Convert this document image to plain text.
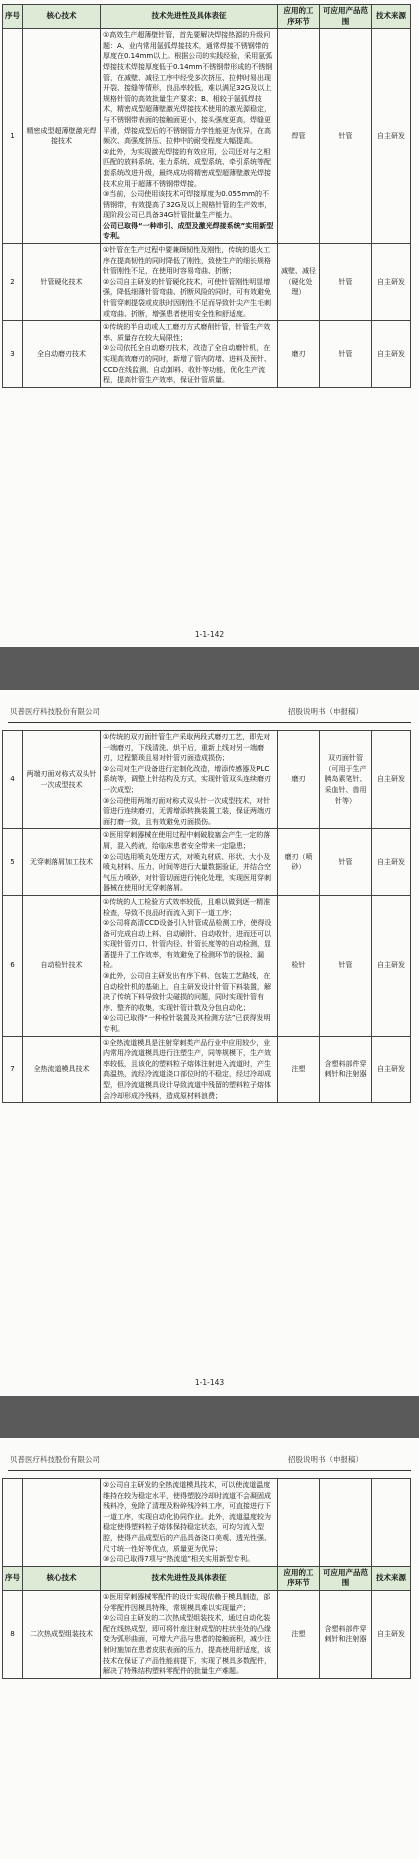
序号	核心技术	技术先进性及具体表征	应用的工序环节	可应用产品范围	技术来源
1	精密成型超薄壁激光焊接技术	①高效生产超薄壁针管，首先要解决焊接热源的升级问题：A、业内常用氩弧焊接技术，通常焊接不锈钢带的厚度在0.14mm以上。根据公司的实践经验，采用氩弧焊接技术焊接厚度低于0.14mm不锈钢带形成的不锈钢管，在减壁、减径工序中经受多次挤压、拉伸时易出现开裂、接缝等情形，良品率较低，难以满足32G及以上规格针管的高效批量生产要求；B、相较于氩弧焊技术，精密成型超薄壁激光焊接技术使用的激光源稳定，与不锈钢带表面的接触面更小，接头强度更高，焊缝更平滑，焊接成型后的不锈钢管力学性能更为优异，在高频次、高强度挤压、拉伸中的耐受程度大幅提高。
②此外，为实现激光焊接的有效应用，公司还对与之相匹配的放料系统、张力系统、成型系统、牵引系统等配套系统改进升级，最终成功将精密成型超薄壁激光焊接技术应用于超薄不锈钢带焊接。
③当前，公司使用该技术可焊接厚度为0.055mm的不锈钢带，有效提高了32G及以上规格针管的生产效率，现阶段公司已具备34G针管批量生产能力。
公司已取得“一种串引、成型及激光焊接系统”实用新型专利。	焊管	针管	自主研发
2	针管硬化技术	①针管在生产过程中要兼顾韧性及刚性，传统的退火工序在提高韧性的同时降低了刚性，致使生产的细长规格针管刚性不足，在使用时容易弯曲、折断；
②公司自主研发的针管硬化技术，可使针管刚性明显增强，降低细薄针管弯曲、折断风险的同时，可有效避免针管穿刺提袋或皮肤时因刚性不足而导致针尖产生毛刺或弯曲、折断，增强患者使用安全性和舒适度。	减壁、减径（硬化处理）	针管	自主研发
3	全自动磨刃技术	①传统的半自动或人工磨刃方式磨削针管，针管生产效率、质量存在较大局限性；
②公司依托全自动磨刃技术，改造了全自动磨针机，在实现高效磨刃的同时，新增了管内防堵、进料及预针、CCD在线监测、自动卸料、收针等功能，优化生产流程，提高针管生产效率，保证针管质量。	磨刃	针管	自主研发
1-1-142
贝普医疗科技股份有限公司	招股说明书（申报稿）
4	两端刃面对称式双头针一次成型技术	①传统的双刃面针管生产采取两段式磨刃工艺，即先对一端磨刃，下线清洗、烘干后，重新上线对另一端磨刃，过程繁琐且易对针管刃面造成损伤；
②公司对生产设备进行定制化改造，增添传感器及PLC系统等，调整上针结构及方式，实现针管双头连续磨刃一次成型；
③公司使用两端刃面对称式双头针一次成型技术，对针管进行连续磨刃，无需增添转换装置工装，保证两端刃面打磨一致，且有效避免刃面损伤。	磨刃	双刃面针管（可用于生产胰岛素笔针、采血针、兽用针等）	自主研发
5	无穿刺落屑加工技术	①医用穿刺器械在使用过程中刺破胶塞会产生一定的落屑，混入药液，给临床患者安全带来一定隐患；
②公司选用喷丸处理方式，对喷丸材质、形状、大小及喷丸材料、压力、时间等进行大量数据验证，并结合空气压力喷砂，对针管切面进行钝化处理，实现医用穿刺器械在使用时无穿刺落屑。	磨刃（喷砂）	针管	自主研发
6	自动检针技术	①传统的人工检验方式效率较低，且难以做到逐一精准检查，导致不良品时而流入到下一道工序；
②公司将高清CCD设备引入针管成品检测工序，使得设备可完成自动上料、自动刷针、自动收针，进而还可以实现针管刃口、针管内径、针管长度等的自动检测，显著提升了工作效率，有效避免了检测环节的误检、漏检。
③此外，公司自主研发出有序下料、包装工艺路线，在自动检针机的基础上，自主研发设计针管下料装置，解决了传统下料导致针尖碰损的问题，同时实现针管有序、整齐的收集，实现针管计数及分包自动化；
④公司已取得“一种检针装置及其检测方法”已获得发明专利。	检针	针管	自主研发
7	全热流道模具技术	①全热流道模具是注射穿刺类产品行业中应用较少，业内常用冷流道模具进行注塑生产，同等规模下，生产效率较低，且该化的塑料粒子熔体注射进入流道时，产生高温热，流经冷流道浇口部位时的不稳定，经过冷却成型，但冷流道模具设计导致流道中残留的塑料粒子熔体会冷却形成冷残料，造成原材料浪费；	注塑	含塑料部件穿刺针和注射器	自主研发
1-1-143
贝普医疗科技股份有限公司	招股说明书（申报稿）

		②公司自主研发的全热流道模具技术，可以使流道温度维持在较为稳定水平，使得塑胶冷却时流道不会凝固成残料冷，免除了清理及粉碎残冷料工序，可直接进行下一道工序，实现自动化协同作业。此外，流道温度较为稳定使得塑料粒子熔体保持稳定状态，可均匀流入型腔，使得产品成型后的产品具备浇口美观、透光性强、尺寸统一性好等优点，质量更为优异；
③公司已取得7项与“热流道”相关实用新型专利。			

序号	核心技术	技术先进性及具体表征	应用的工序环节	可应用产品范围	技术来源
8	二次热成型组装技术	①医用穿刺器械零配件的设计实现依赖于模具制造，部分零配件因模具特殊，常规模具难以实现量产；
②公司自主研发的二次热成型组装技术，通过自动化装配在线热成型，即可将针座注射成型的柱状坐处的凸缘变为弧形曲面，可增大产品与患者的接触面积，减少注射时施加在患者皮肤表面的压力，提高使用舒适度，该技术在保证了产品性能前提下，实现了模具多数配件，解决了特殊结构塑料零配件的批量生产难题。	注塑	含塑料部件穿刺针和注射器	自主研发
